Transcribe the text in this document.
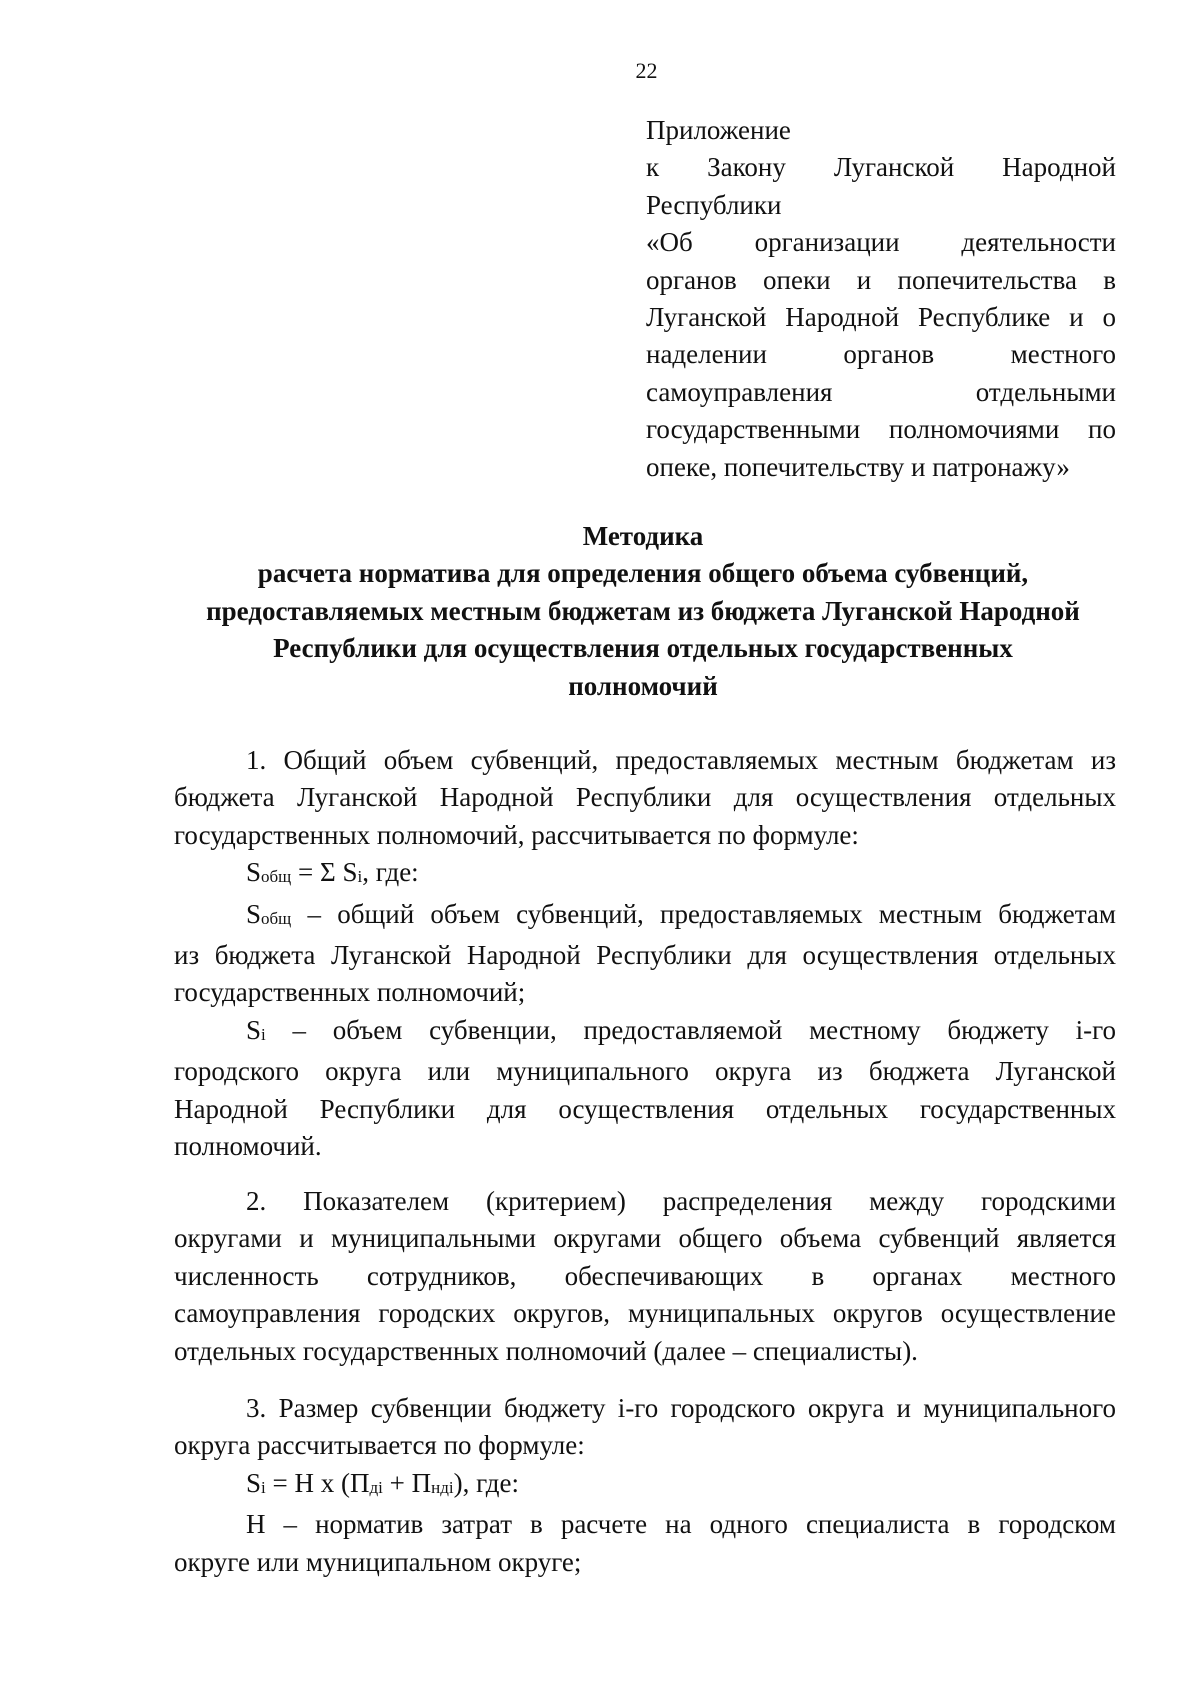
22
Приложение
к Закону Луганской Народной
Республики
«Об организации деятельности
органов опеки и попечительства в
Луганской Народной Республике и о
наделении органов местного
самоуправления отдельными
государственными полномочиями по
опеке, попечительству и патронажу»
Методика
расчета норматива для определения общего объема субвенций,
предоставляемых местным бюджетам из бюджета Луганской Народной
Республики для осуществления отдельных государственных
полномочий
1. Общий объем субвенций, предоставляемых местным бюджетам из
бюджета Луганской Народной Республики для осуществления отдельных
государственных полномочий, рассчитывается по формуле:
Sобщ = Σ Si, где:
Sобщ – общий объем субвенций, предоставляемых местным бюджетам
из бюджета Луганской Народной Республики для осуществления отдельных
государственных полномочий;
Si – объем субвенции, предоставляемой местному бюджету i-го
городского округа или муниципального округа из бюджета Луганской
Народной Республики для осуществления отдельных государственных
полномочий.
2. Показателем (критерием) распределения между городскими
округами и муниципальными округами общего объема субвенций является
численность сотрудников, обеспечивающих в органах местного
самоуправления городских округов, муниципальных округов осуществление
отдельных государственных полномочий (далее – специалисты).
3. Размер субвенции бюджету i-го городского округа и муниципального
округа рассчитывается по формуле:
Si = Н х (Пдi + Пндi), где:
Н – норматив затрат в расчете на одного специалиста в городском
округе или муниципальном округе;
